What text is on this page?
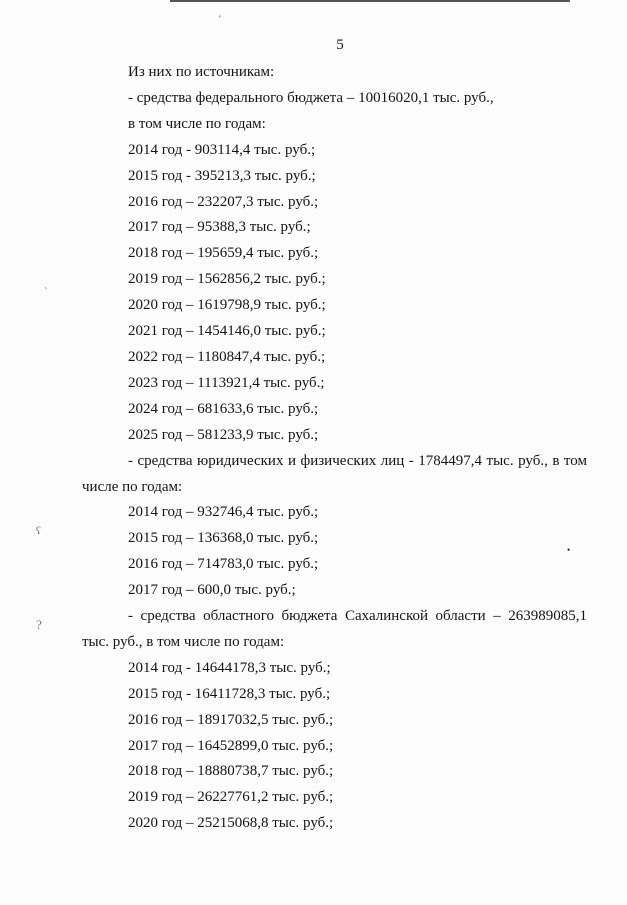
ʻ
˴
ʕ
?
•
5

Из них по источникам:

- средства федерального бюджета – 10016020,1 тыс. руб.,

в том числе по годам:

2014 год - 903114,4 тыс. руб.;

2015 год - 395213,3 тыс. руб.;

2016 год – 232207,3 тыс. руб.;

2017 год – 95388,3 тыс. руб.;

2018 год – 195659,4 тыс. руб.;

2019 год – 1562856,2 тыс. руб.;

2020 год – 1619798,9 тыс. руб.;

2021 год – 1454146,0 тыс. руб.;

2022 год – 1180847,4 тыс. руб.;

2023 год – 1113921,4 тыс. руб.;

2024 год – 681633,6 тыс. руб.;

2025 год – 581233,9 тыс. руб.;

- средства юридических и физических лиц - 1784497,4 тыс. руб., в том

числе по годам:

2014 год – 932746,4 тыс. руб.;

2015 год – 136368,0 тыс. руб.;

2016 год – 714783,0 тыс. руб.;

2017 год – 600,0 тыс. руб.;

- средства областного бюджета Сахалинской области – 263989085,1

тыс. руб., в том числе по годам:

2014 год - 14644178,3 тыс. руб.;

2015 год - 16411728,3 тыс. руб.;

2016 год – 18917032,5 тыс. руб.;

2017 год – 16452899,0 тыс. руб.;

2018 год – 18880738,7 тыс. руб.;

2019 год – 26227761,2 тыс. руб.;

2020 год – 25215068,8 тыс. руб.;
